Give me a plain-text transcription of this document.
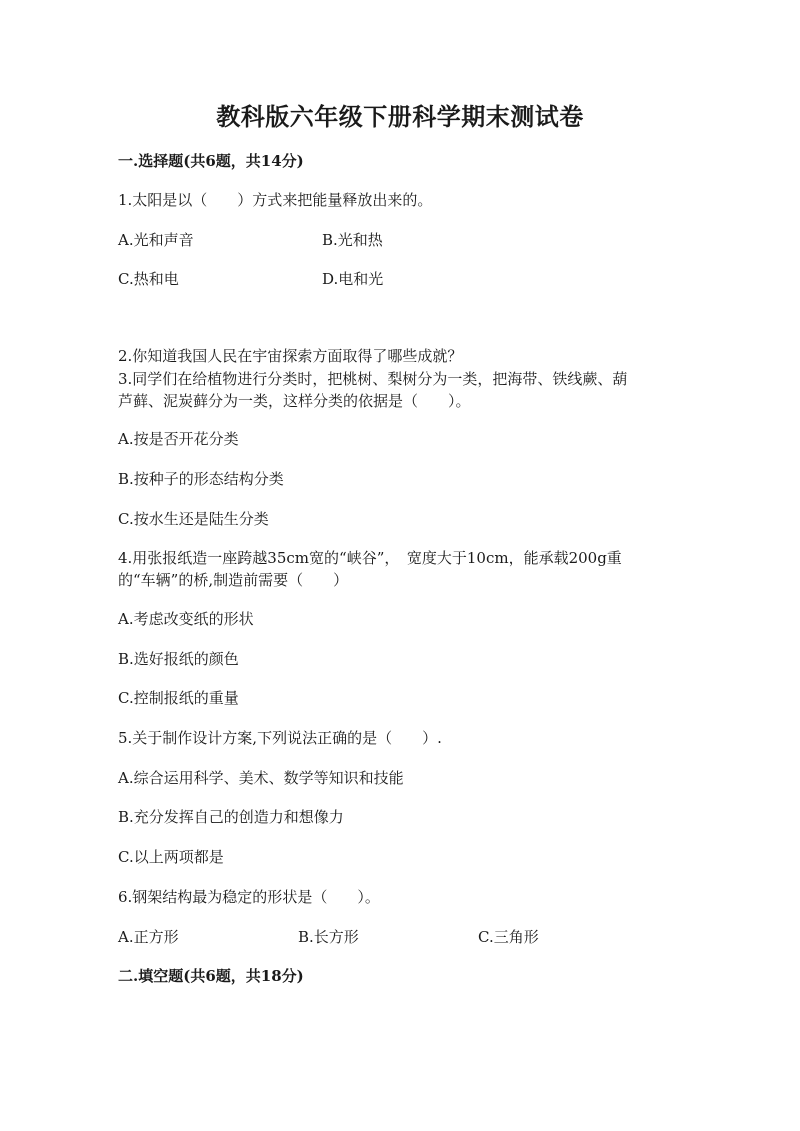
教科版六年级下册科学期末测试卷
一.选择题(共6题，共14分)
1.太阳是以（　　）方式来把能量释放出来的。
A.光和声音	B.光和热
C.热和电	D.电和光
2.你知道我国人民在宇宙探索方面取得了哪些成就？
3.同学们在给植物进行分类时，把桃树、梨树分为一类，把海带、铁线蕨、葫
芦藓、泥炭藓分为一类，这样分类的依据是（　　）。
A.按是否开花分类
B.按种子的形态结构分类
C.按水生还是陆生分类
4.用张报纸造一座跨越35cm宽的“峡谷”，　宽度大于10cm，能承载200g重
的“车辆”的桥,制造前需要（　　）
A.考虑改变纸的形状
B.选好报纸的颜色
C.控制报纸的重量
5.关于制作设计方案,下列说法正确的是（　　）.
A.综合运用科学、美术、数学等知识和技能
B.充分发挥自己的创造力和想像力
C.以上两项都是
6.钢架结构最为稳定的形状是（　　）。
A.正方形	B.长方形	C.三角形
二.填空题(共6题，共18分)
